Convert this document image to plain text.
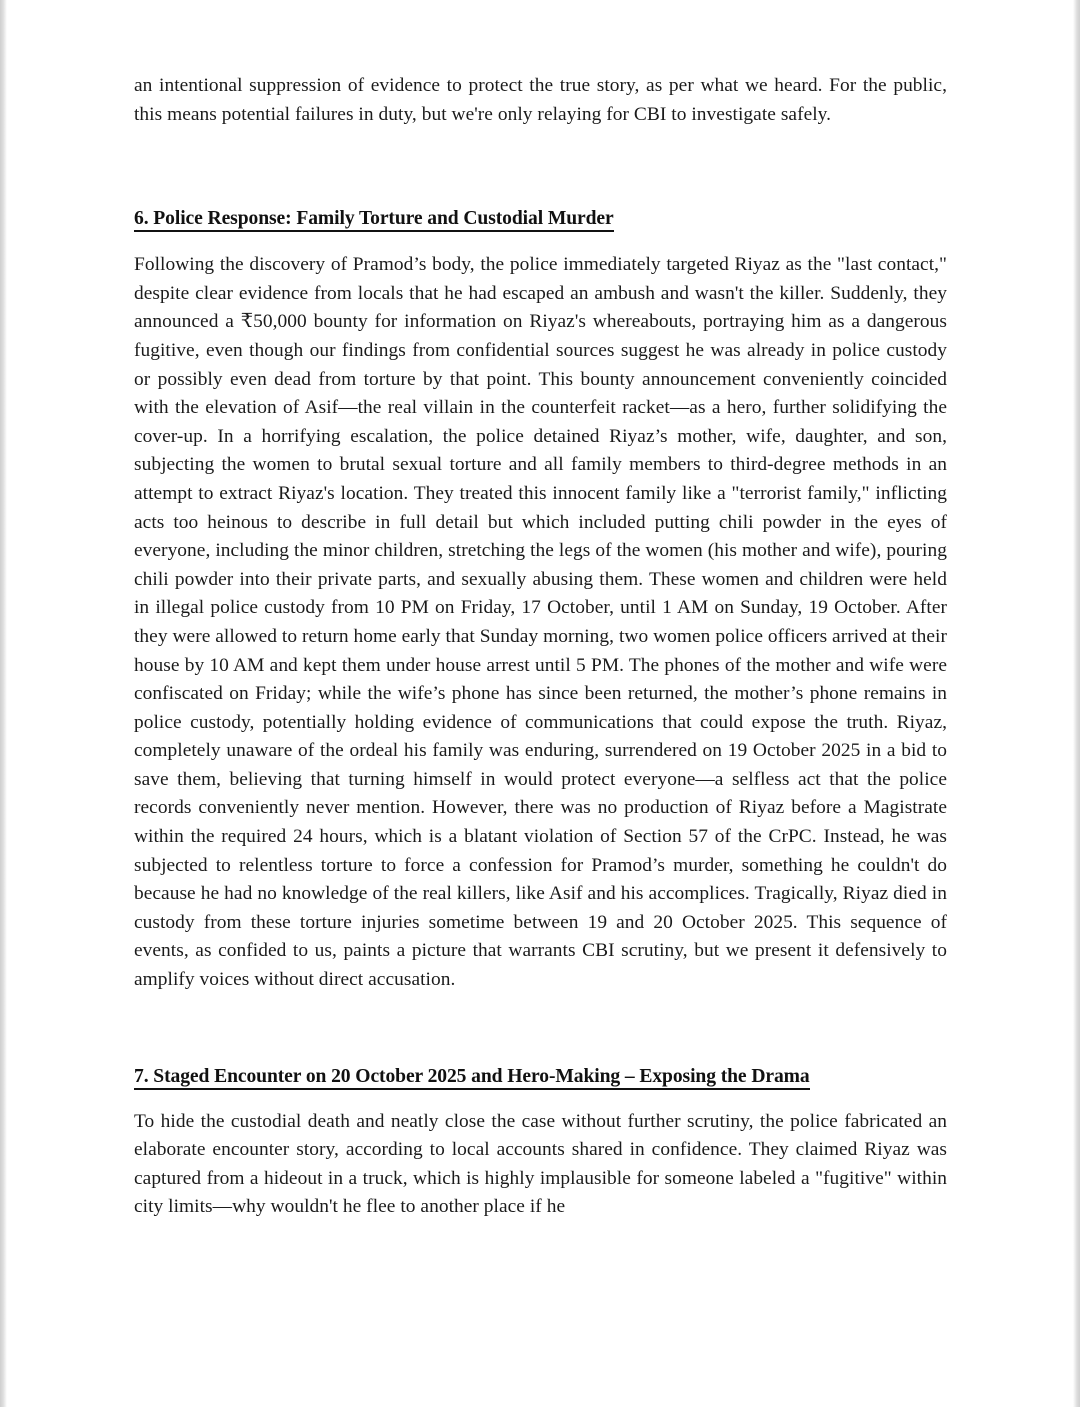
an intentional suppression of evidence to protect the true story, as per what we heard. For the public, this means potential failures in duty, but we're only relaying for CBI to investigate safely.

6. Police Response: Family Torture and Custodial Murder

Following the discovery of Pramod’s body, the police immediately targeted Riyaz as the "last contact," despite clear evidence from locals that he had escaped an ambush and wasn't the killer. Suddenly, they announced a ₹50,000 bounty for information on Riyaz's whereabouts, portraying him as a dangerous fugitive, even though our findings from confidential sources suggest he was already in police custody or possibly even dead from torture by that point. This bounty announcement conveniently coincided with the elevation of Asif—the real villain in the counterfeit racket—as a hero, further solidifying the cover-up. In a horrifying escalation, the police detained Riyaz’s mother, wife, daughter, and son, subjecting the women to brutal sexual torture and all family members to third-degree methods in an attempt to extract Riyaz's location. They treated this innocent family like a "terrorist family," inflicting acts too heinous to describe in full detail but which included putting chili powder in the eyes of everyone, including the minor children, stretching the legs of the women (his mother and wife), pouring chili powder into their private parts, and sexually abusing them. These women and children were held in illegal police custody from 10 PM on Friday, 17 October, until 1 AM on Sunday, 19 October. After they were allowed to return home early that Sunday morning, two women police officers arrived at their house by 10 AM and kept them under house arrest until 5 PM. The phones of the mother and wife were confiscated on Friday; while the wife’s phone has since been returned, the mother’s phone remains in police custody, potentially holding evidence of communications that could expose the truth. Riyaz, completely unaware of the ordeal his family was enduring, surrendered on 19 October 2025 in a bid to save them, believing that turning himself in would protect everyone—a selfless act that the police records conveniently never mention. However, there was no production of Riyaz before a Magistrate within the required 24 hours, which is a blatant violation of Section 57 of the CrPC. Instead, he was subjected to relentless torture to force a confession for Pramod’s murder, something he couldn't do because he had no knowledge of the real killers, like Asif and his accomplices. Tragically, Riyaz died in custody from these torture injuries sometime between 19 and 20 October 2025. This sequence of events, as confided to us, paints a picture that warrants CBI scrutiny, but we present it defensively to amplify voices without direct accusation.

7. Staged Encounter on 20 October 2025 and Hero-Making – Exposing the Drama

To hide the custodial death and neatly close the case without further scrutiny, the police fabricated an elaborate encounter story, according to local accounts shared in confidence. They claimed Riyaz was captured from a hideout in a truck, which is highly implausible for someone labeled a "fugitive" within city limits—why wouldn't he flee to another place if he
